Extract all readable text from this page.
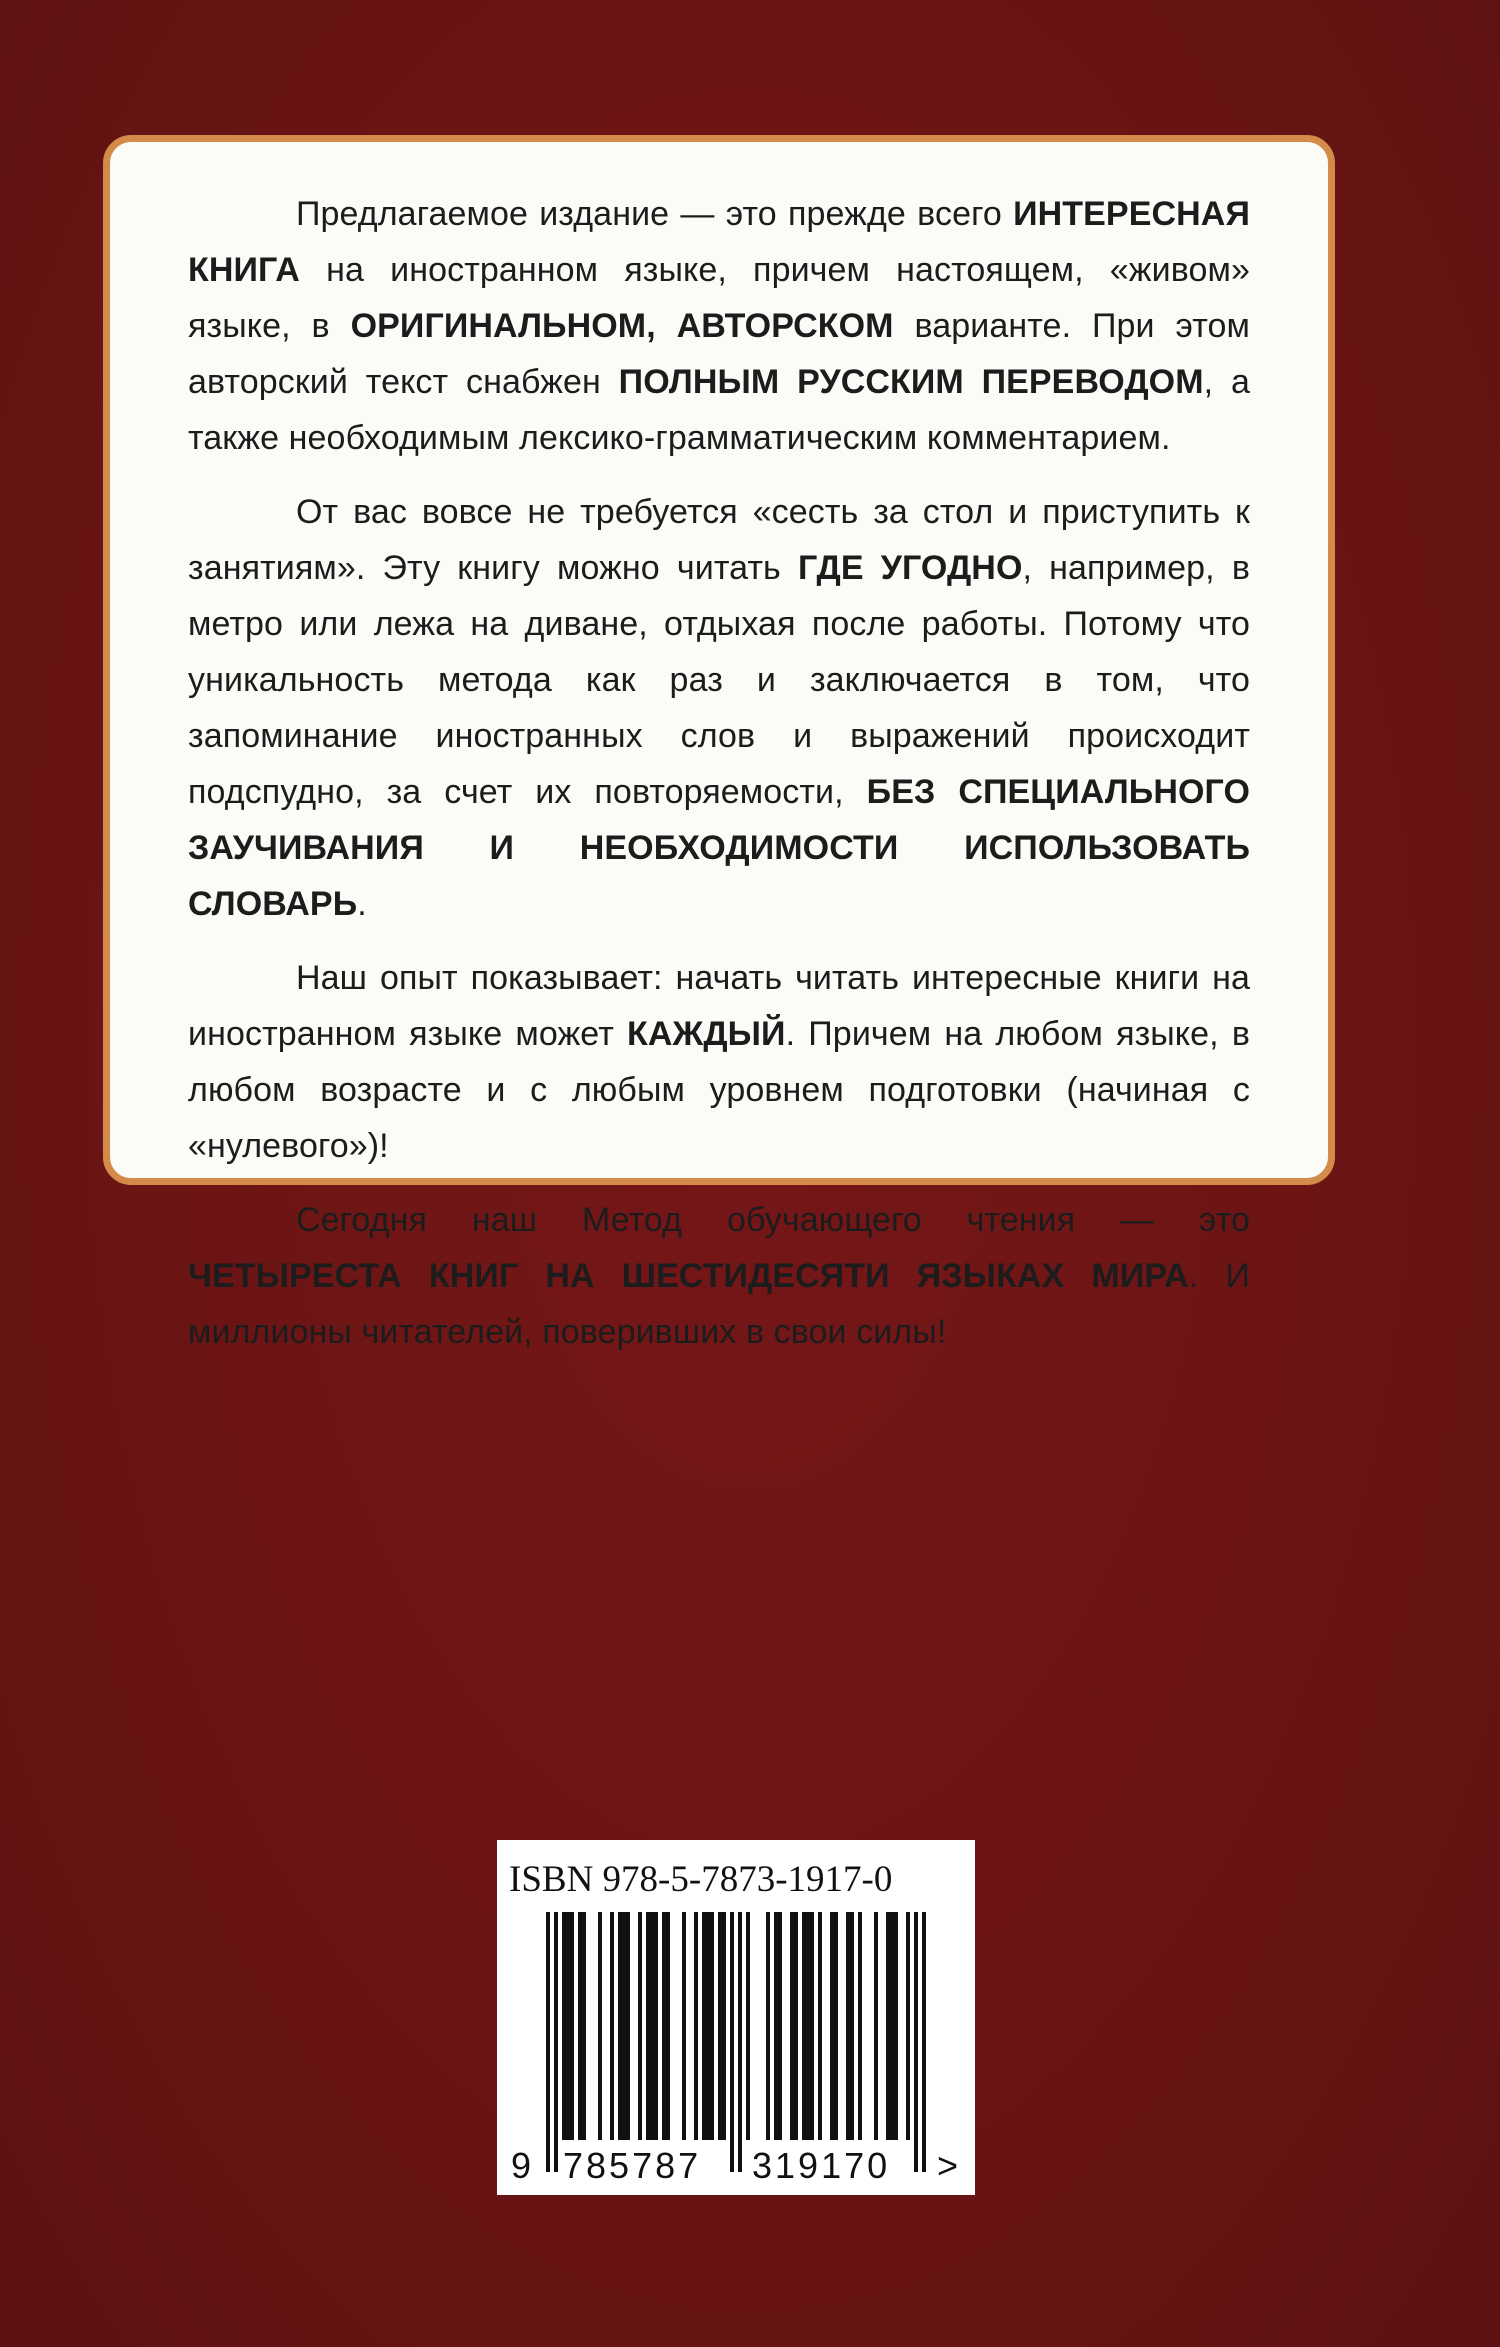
Предлагаемое издание — это прежде всего ИНТЕРЕСНАЯ КНИГА на иностранном языке, причем настоящем, «живом» языке, в ОРИГИНАЛЬНОМ, АВТОРСКОМ варианте. При этом авторский текст снабжен ПОЛНЫМ РУССКИМ ПЕРЕВОДОМ, а также необходимым лексико-грамматическим комментарием.

От вас вовсе не требуется «сесть за стол и приступить к занятиям». Эту книгу можно читать ГДЕ УГОДНО, например, в метро или лежа на диване, отдыхая после работы. Потому что уникальность метода как раз и заключается в том, что запоминание иностранных слов и выражений происходит подспудно, за счет их повторяемости, БЕЗ СПЕЦИАЛЬНОГО ЗАУЧИВАНИЯ И НЕОБХОДИМОСТИ ИСПОЛЬЗОВАТЬ СЛОВАРЬ.

Наш опыт показывает: начать читать интересные книги на иностранном языке может КАЖДЫЙ. Причем на любом языке, в любом возрасте и с любым уровнем подготовки (начиная с «нулевого»)!

Сегодня наш Метод обучающего чтения — это ЧЕТЫРЕСТА КНИГ НА ШЕСТИДЕСЯТИ ЯЗЫКАХ МИРА. И миллионы читателей, поверивших в свои силы!

ISBN 978-5-7873-1917-0
9 785787 319170 >
